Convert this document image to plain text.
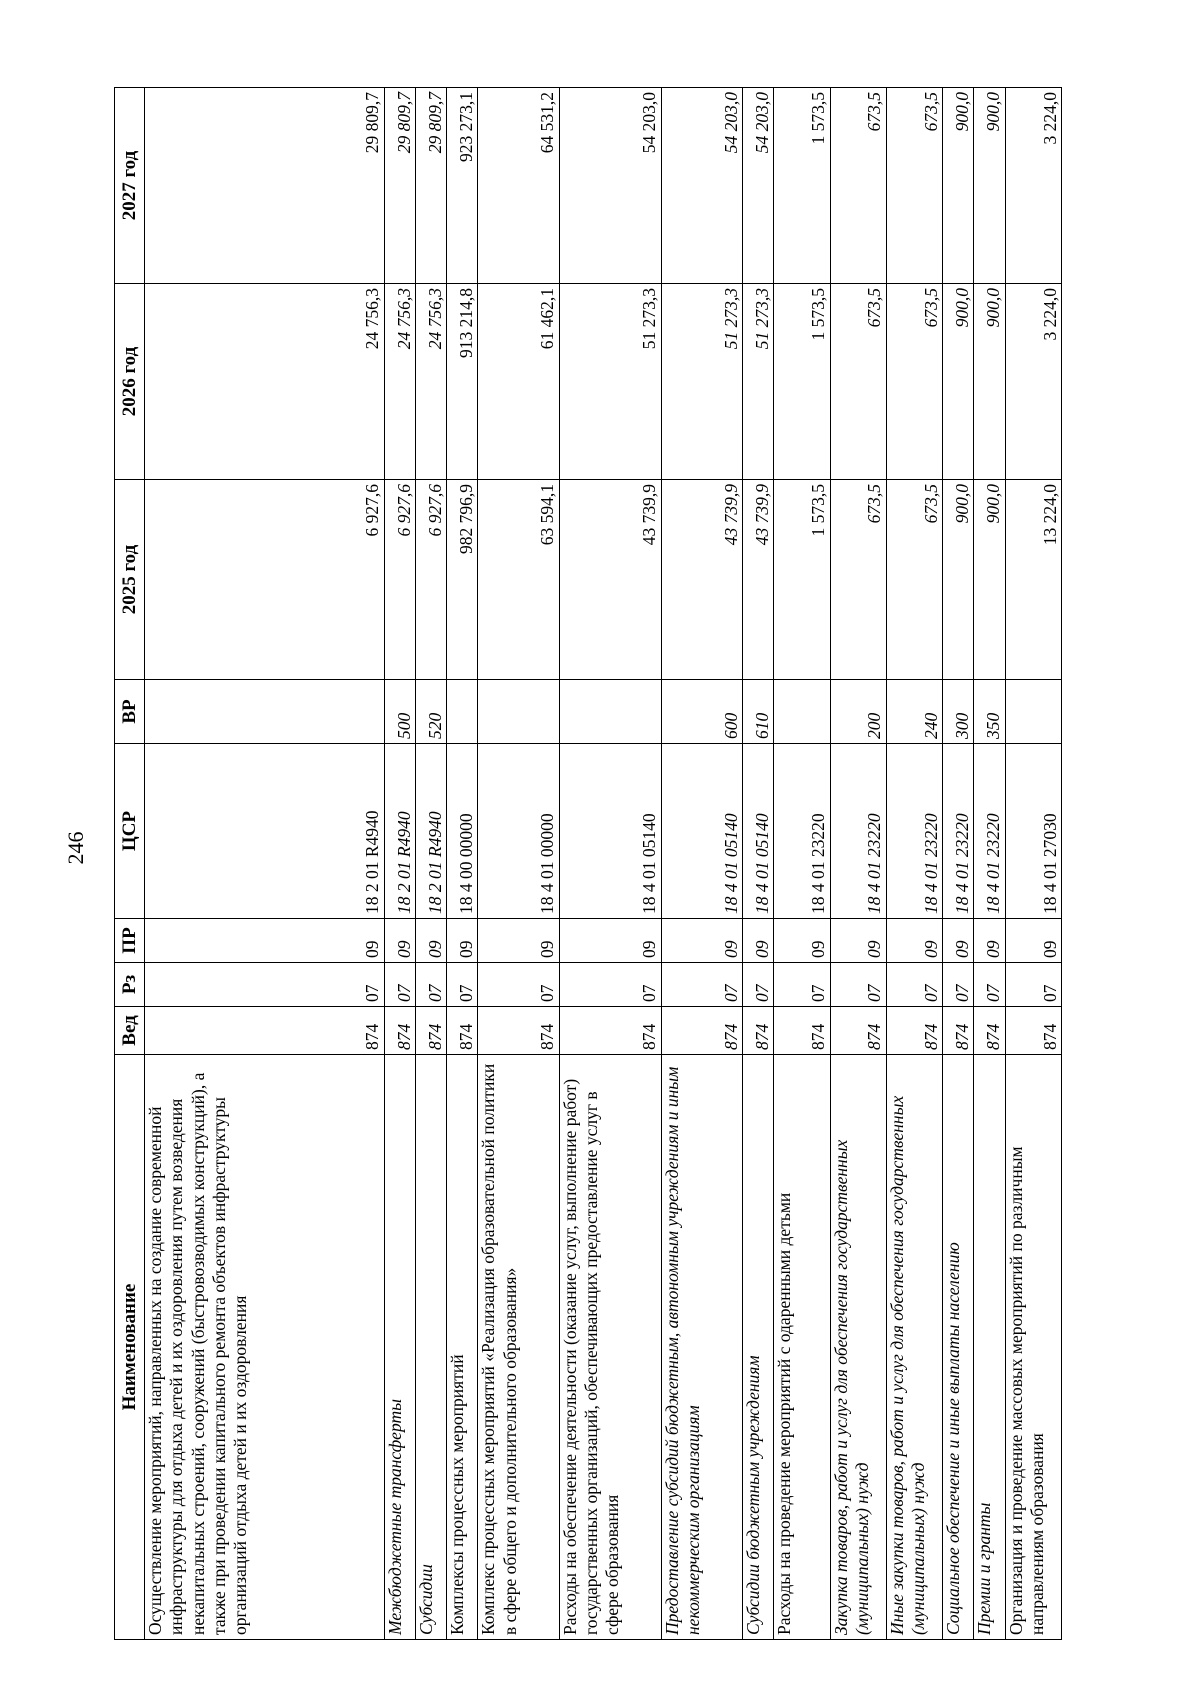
246
Наименование	Вед	Рз	ПР	ЦСР	ВР	2025 год	2026 год	2027 год
Осуществление мероприятий, направленных на создание современной инфраструктуры для отдыха детей и их оздоровления путем возведения некапитальных строений, сооружений (быстровозводимых конструкций), а также при проведении капитального ремонта объектов инфраструктуры организаций отдыха детей и их оздоровления	874	07	09	18 2 01 R4940		6 927,6	24 756,3	29 809,7
Межбюджетные трансферты	874	07	09	18 2 01 R4940	500	6 927,6	24 756,3	29 809,7
Субсидии	874	07	09	18 2 01 R4940	520	6 927,6	24 756,3	29 809,7
Комплексы процессных мероприятий	874	07	09	18 4 00 00000		982 796,9	913 214,8	923 273,1
Комплекс процессных мероприятий «Реализация образовательной политики в сфере общего и дополнительного образования»	874	07	09	18 4 01 00000		63 594,1	61 462,1	64 531,2
Расходы на обеспечение деятельности (оказание услуг, выполнение работ) государственных организаций, обеспечивающих предоставление услуг в сфере образования	874	07	09	18 4 01 05140		43 739,9	51 273,3	54 203,0
Предоставление субсидий бюджетным, автономным учреждениям и иным некоммерческим организациям	874	07	09	18 4 01 05140	600	43 739,9	51 273,3	54 203,0
Субсидии бюджетным учреждениям	874	07	09	18 4 01 05140	610	43 739,9	51 273,3	54 203,0
Расходы на проведение мероприятий с одаренными детьми	874	07	09	18 4 01 23220		1 573,5	1 573,5	1 573,5
Закупка товаров, работ и услуг для обеспечения государственных (муниципальных) нужд	874	07	09	18 4 01 23220	200	673,5	673,5	673,5
Иные закупки товаров, работ и услуг для обеспечения государственных (муниципальных) нужд	874	07	09	18 4 01 23220	240	673,5	673,5	673,5
Социальное обеспечение и иные выплаты населению	874	07	09	18 4 01 23220	300	900,0	900,0	900,0
Премии и гранты	874	07	09	18 4 01 23220	350	900,0	900,0	900,0
Организация и проведение массовых мероприятий по различным направлениям образования	874	07	09	18 4 01 27030		13 224,0	3 224,0	3 224,0
